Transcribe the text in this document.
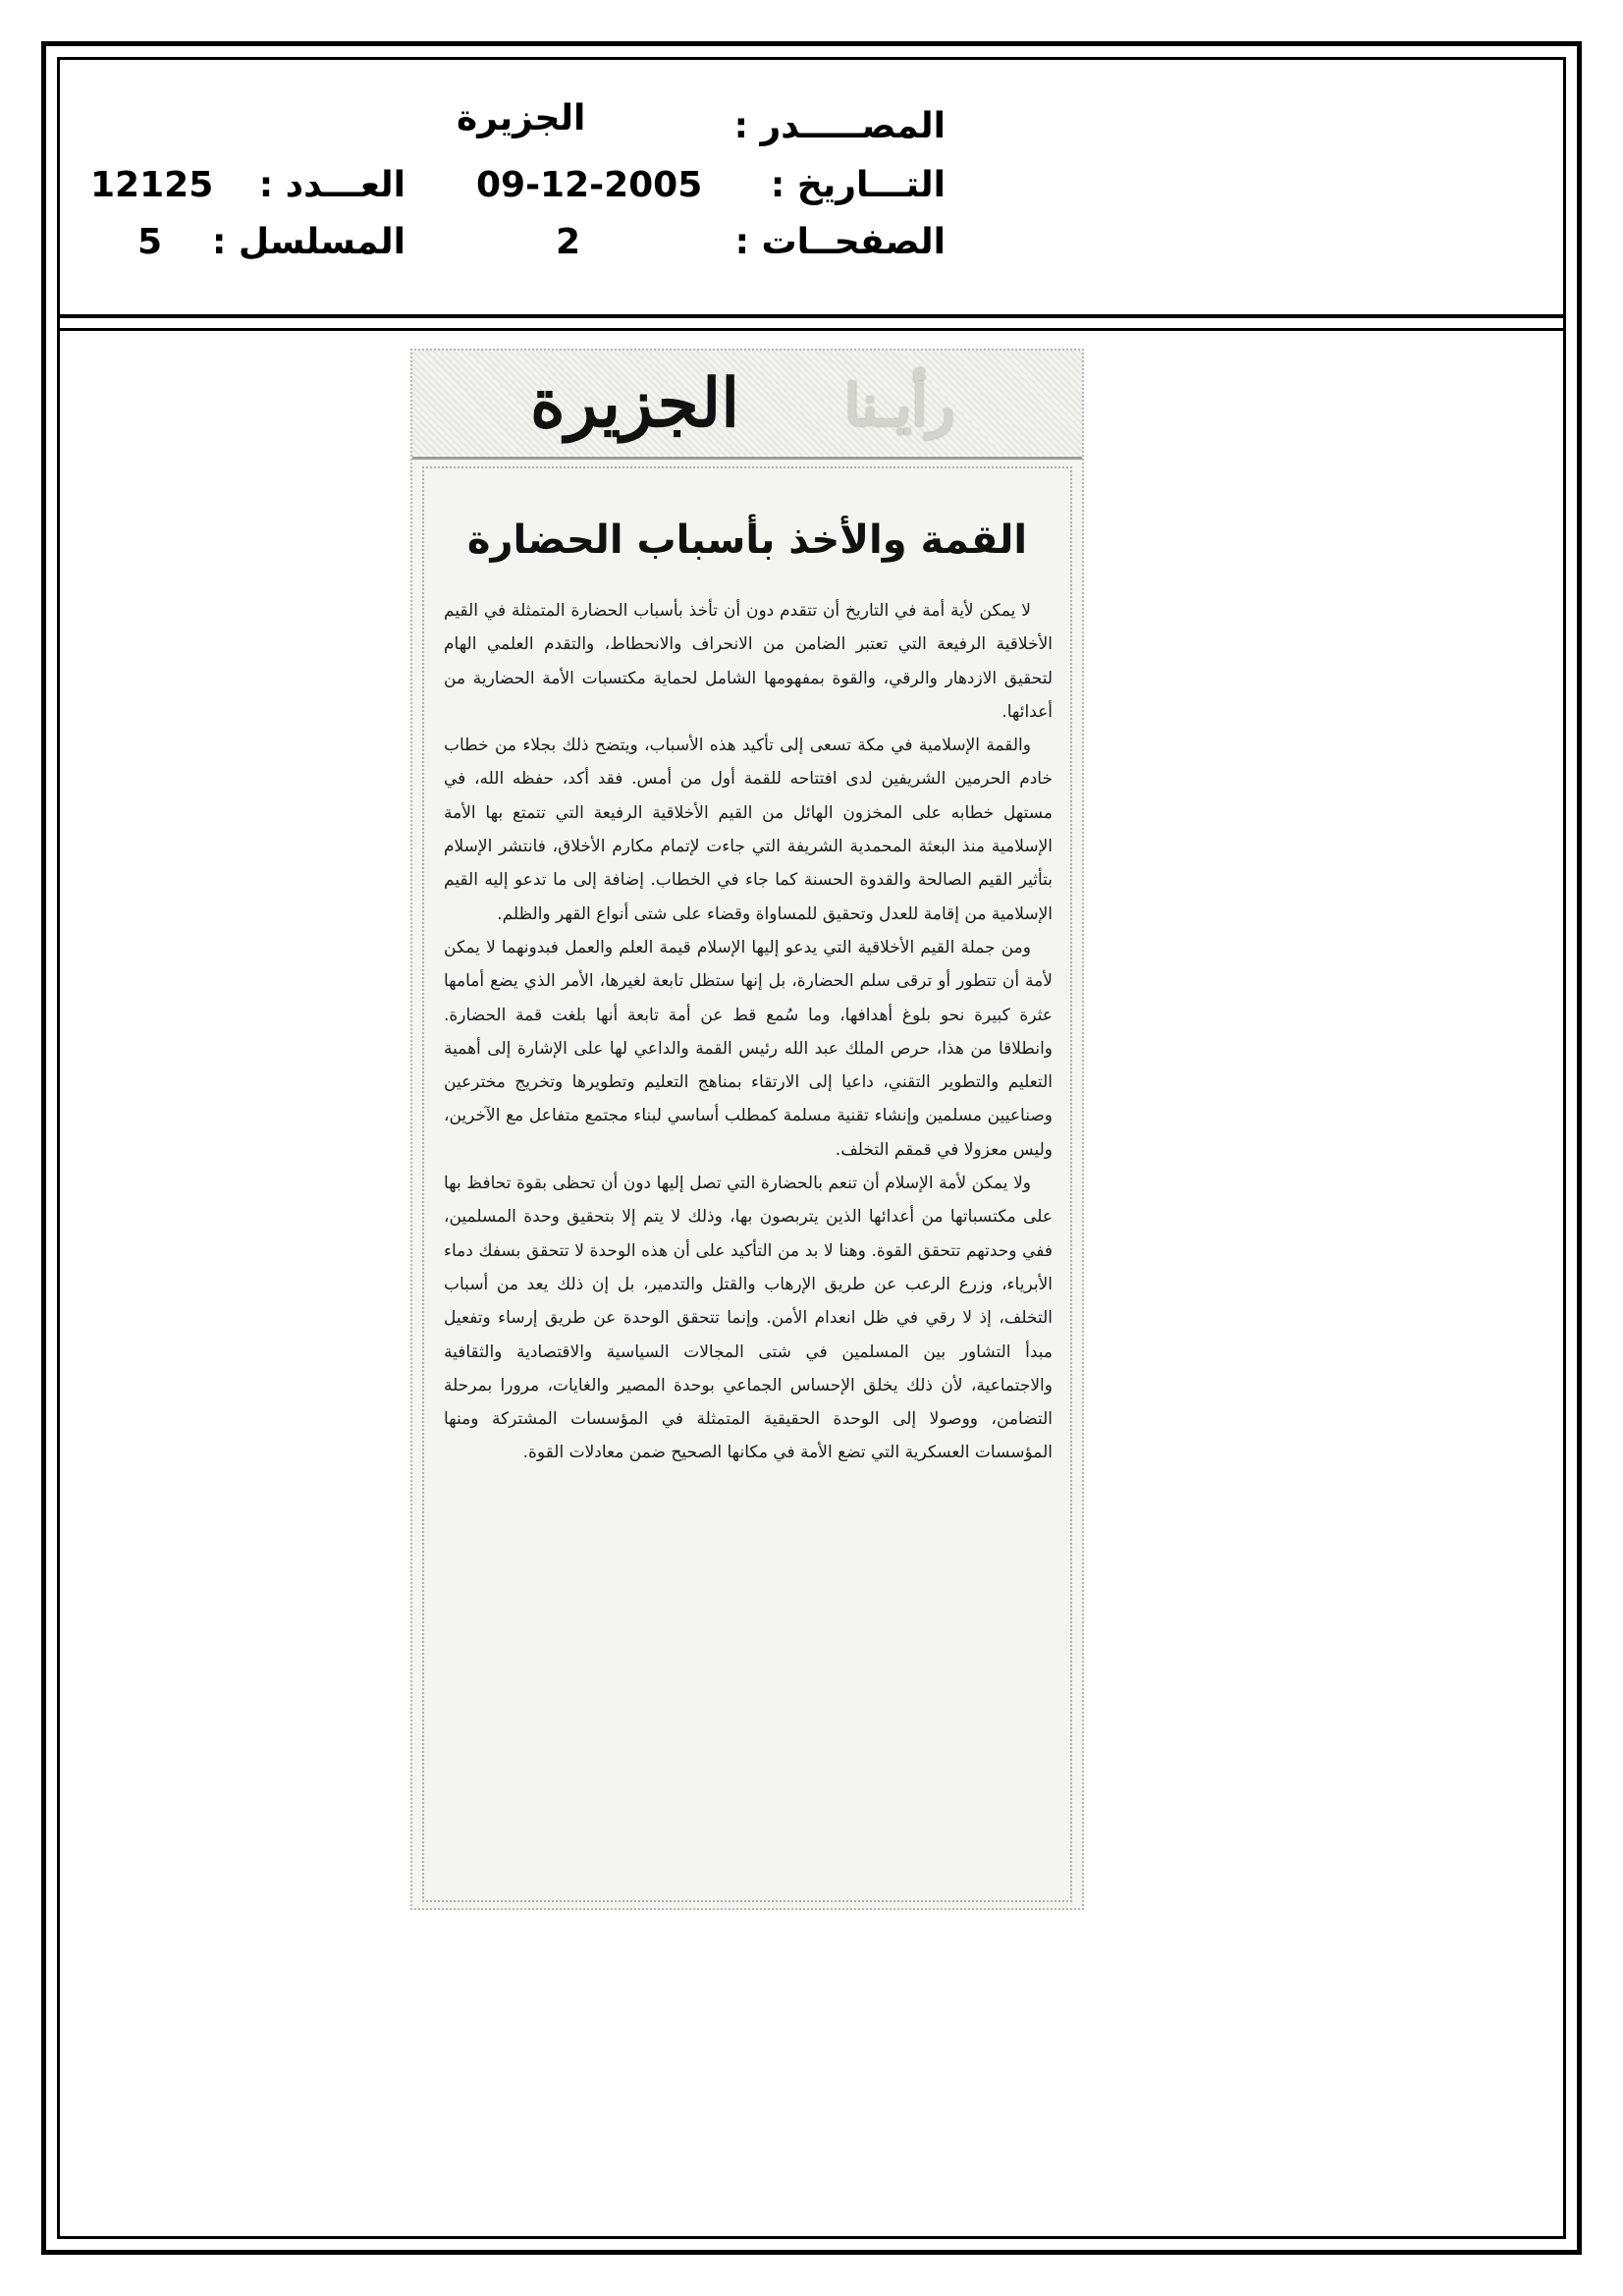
المصـــــدر :
الجزيرة
التـــاريخ :
09-12-2005
الصفحــات :
2
العـــدد :
12125
المسلسل :
5
الجزيرة رأيـنا
القمة والأخذ بأسباب الحضارة

لا يمكن لأية أمة في التاريخ أن تتقدم دون أن تأخذ بأسباب الحضارة المتمثلة في القيم الأخلاقية الرفيعة التي تعتبر الضامن من الانحراف والانحطاط، والتقدم العلمي الهام لتحقيق الازدهار والرقي، والقوة بمفهومها الشامل لحماية مكتسبات الأمة الحضارية من أعدائها.

والقمة الإسلامية في مكة تسعى إلى تأكيد هذه الأسباب، ويتضح ذلك بجلاء من خطاب خادم الحرمين الشريفين لدى افتتاحه للقمة أول من أمس. فقد أكد، حفظه الله، في مستهل خطابه على المخزون الهائل من القيم الأخلاقية الرفيعة التي تتمتع بها الأمة الإسلامية منذ البعثة المحمدية الشريفة التي جاءت لإتمام مكارم الأخلاق، فانتشر الإسلام بتأثير القيم الصالحة والقدوة الحسنة كما جاء في الخطاب. إضافة إلى ما تدعو إليه القيم الإسلامية من إقامة للعدل وتحقيق للمساواة وقضاء على شتى أنواع القهر والظلم.

ومن جملة القيم الأخلاقية التي يدعو إليها الإسلام قيمة العلم والعمل فبدونهما لا يمكن لأمة أن تتطور أو ترقى سلم الحضارة، بل إنها ستظل تابعة لغيرها، الأمر الذي يضع أمامها عثرة كبيرة نحو بلوغ أهدافها، وما سُمع قط عن أمة تابعة أنها بلغت قمة الحضارة. وانطلاقا من هذا، حرص الملك عبد الله رئيس القمة والداعي لها على الإشارة إلى أهمية التعليم والتطوير التقني، داعيا إلى الارتقاء بمناهج التعليم وتطويرها وتخريج مخترعين وصناعيين مسلمين وإنشاء تقنية مسلمة كمطلب أساسي لبناء مجتمع متفاعل مع الآخرين، وليس معزولا في قمقم التخلف.

ولا يمكن لأمة الإسلام أن تنعم بالحضارة التي تصل إليها دون أن تحظى بقوة تحافظ بها على مكتسباتها من أعدائها الذين يتربصون بها، وذلك لا يتم إلا بتحقيق وحدة المسلمين، ففي وحدتهم تتحقق القوة. وهنا لا بد من التأكيد على أن هذه الوحدة لا تتحقق بسفك دماء الأبرياء، وزرع الرعب عن طريق الإرهاب والقتل والتدمير، بل إن ذلك يعد من أسباب التخلف، إذ لا رقي في ظل انعدام الأمن. وإنما تتحقق الوحدة عن طريق إرساء وتفعيل مبدأ التشاور بين المسلمين في شتى المجالات السياسية والاقتصادية والثقافية والاجتماعية، لأن ذلك يخلق الإحساس الجماعي بوحدة المصير والغايات، مرورا بمرحلة التضامن، ووصولا إلى الوحدة الحقيقية المتمثلة في المؤسسات المشتركة ومنها المؤسسات العسكرية التي تضع الأمة في مكانها الصحيح ضمن معادلات القوة.
